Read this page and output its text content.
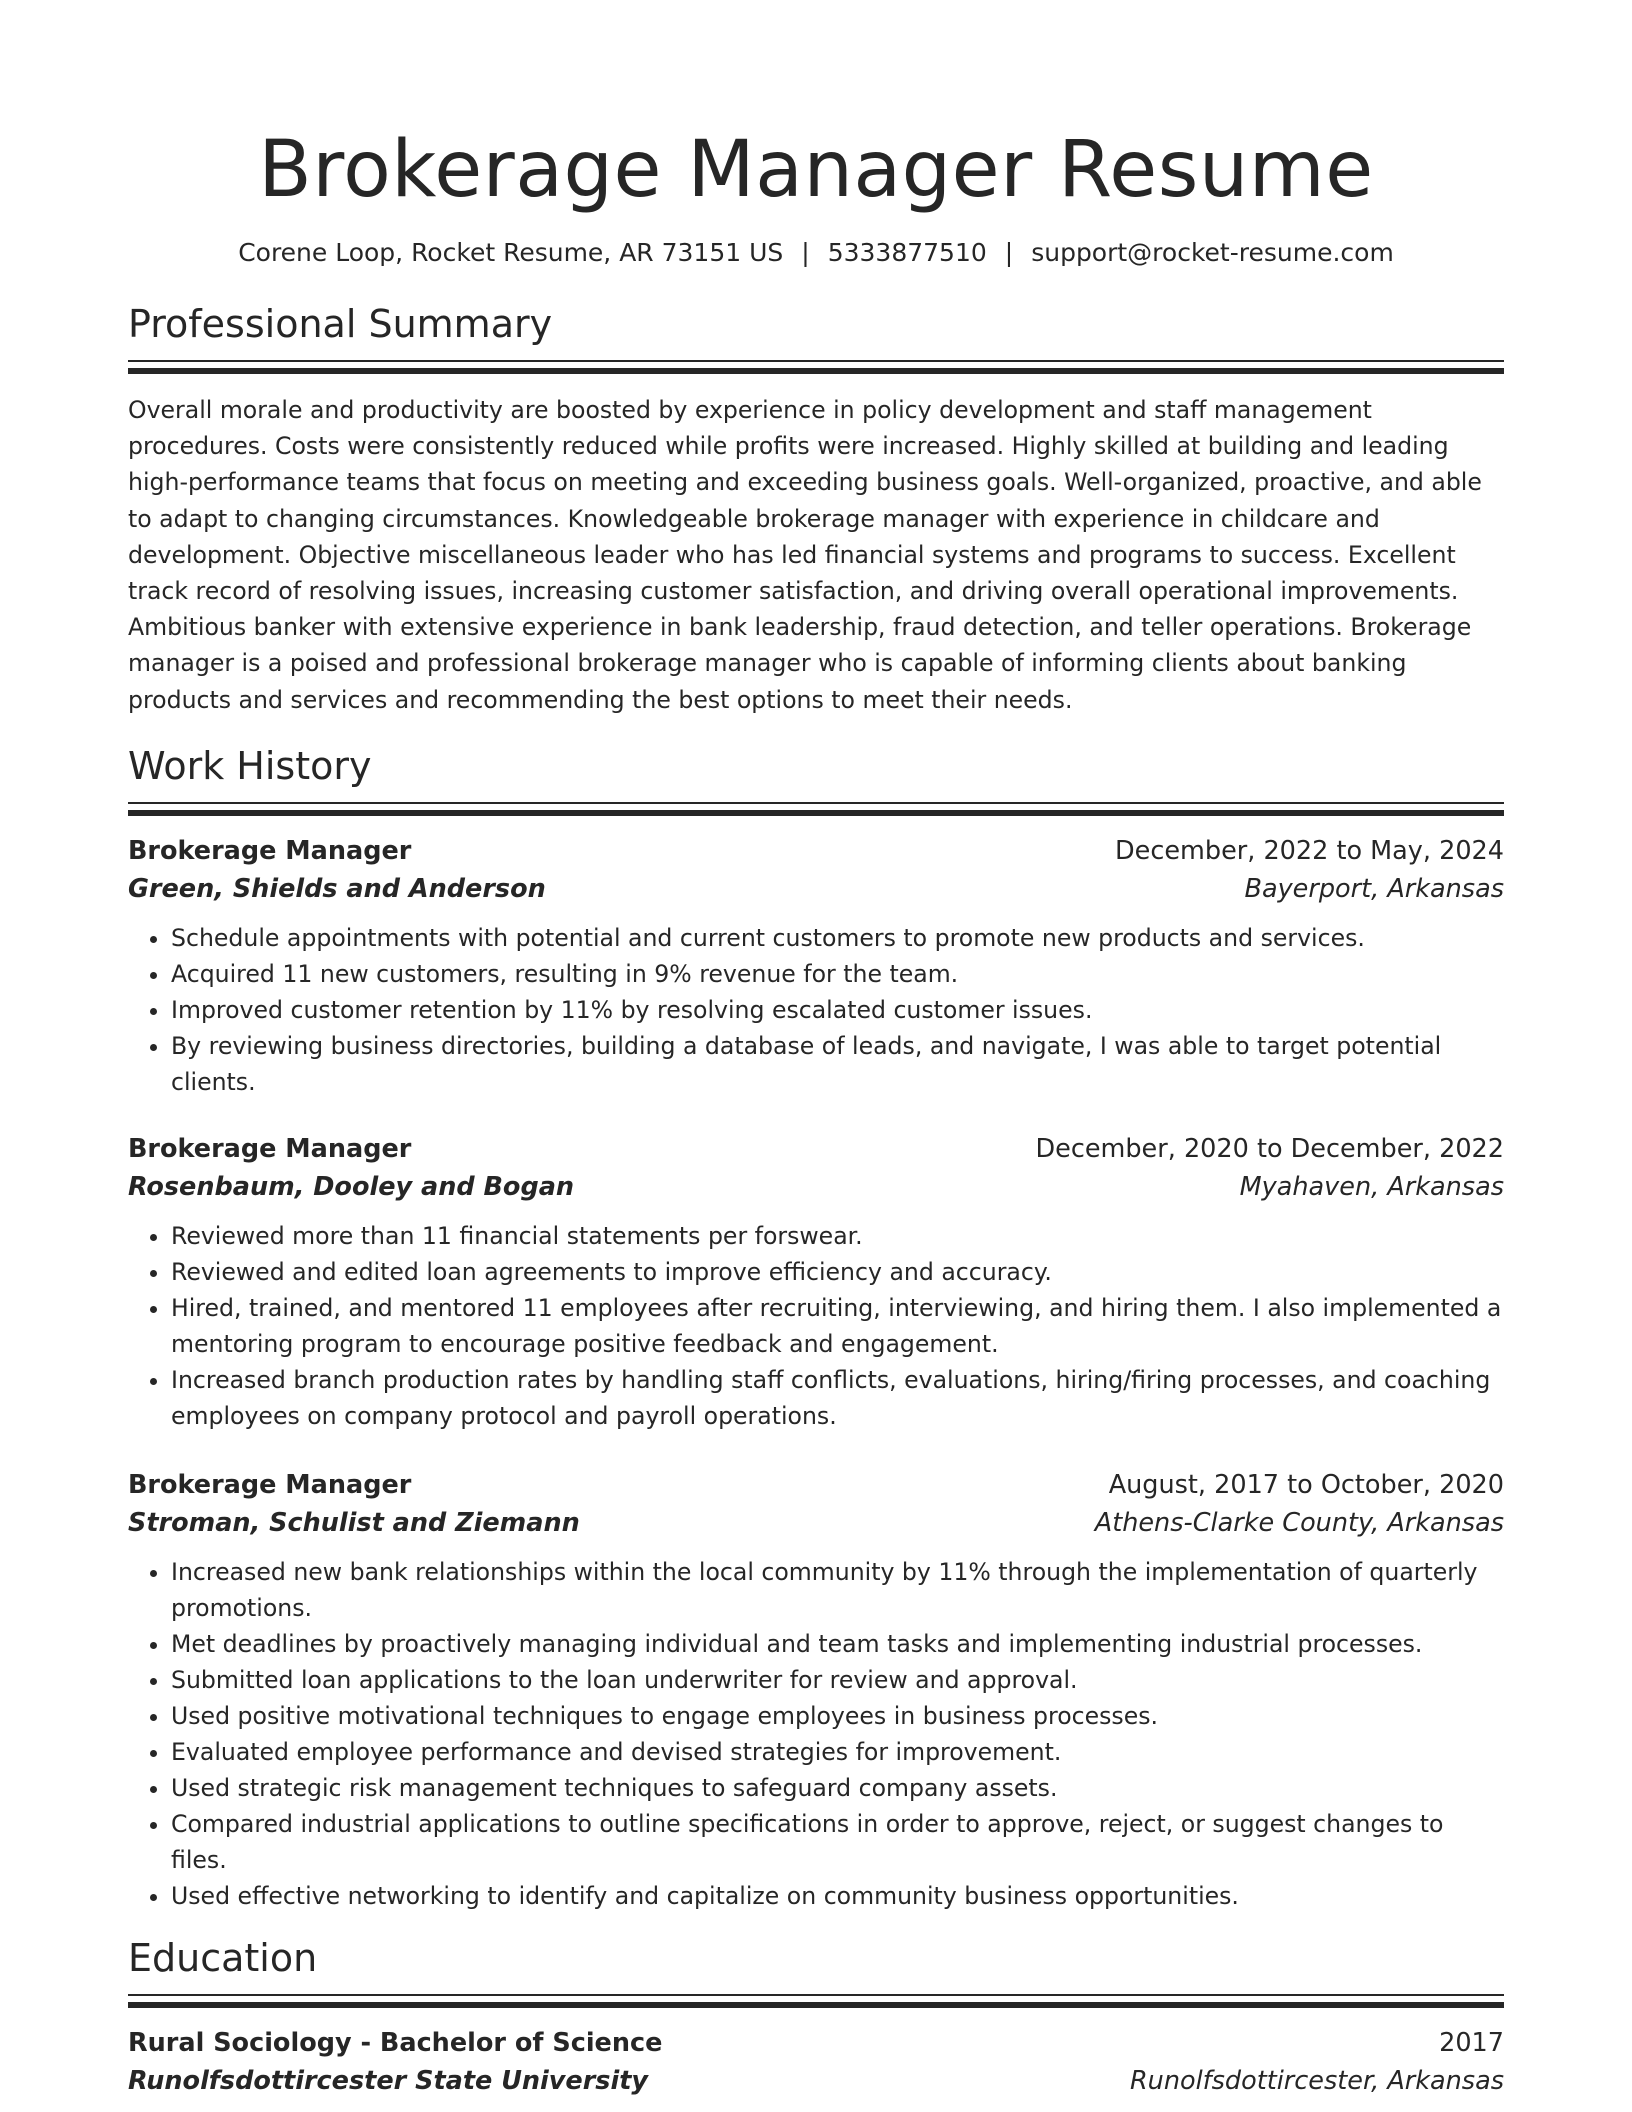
Brokerage Manager Resume
Corene Loop, Rocket Resume, AR 73151 US | 5333877510 | support@rocket-resume.com
Professional Summary

Overall morale and productivity are boosted by experience in policy development and staff management procedures. Costs were consistently reduced while profits were increased. Highly skilled at building and leading high-performance teams that focus on meeting and exceeding business goals. Well-organized, proactive, and able to adapt to changing circumstances. Knowledgeable brokerage manager with experience in childcare and development. Objective miscellaneous leader who has led financial systems and programs to success. Excellent track record of resolving issues, increasing customer satisfaction, and driving overall operational improvements. Ambitious banker with extensive experience in bank leadership, fraud detection, and teller operations. Brokerage manager is a poised and professional brokerage manager who is capable of informing clients about banking products and services and recommending the best options to meet their needs.

Work History
Brokerage Manager	December, 2022 to May, 2024
Green, Shields and Anderson	Bayerport, Arkansas
• Schedule appointments with potential and current customers to promote new products and services.
• Acquired 11 new customers, resulting in 9% revenue for the team.
• Improved customer retention by 11% by resolving escalated customer issues.
• By reviewing business directories, building a database of leads, and navigate, I was able to target potential clients.
Brokerage Manager	December, 2020 to December, 2022
Rosenbaum, Dooley and Bogan	Myahaven, Arkansas
• Reviewed more than 11 financial statements per forswear.
• Reviewed and edited loan agreements to improve efficiency and accuracy.
• Hired, trained, and mentored 11 employees after recruiting, interviewing, and hiring them. I also implemented a mentoring program to encourage positive feedback and engagement.
• Increased branch production rates by handling staff conflicts, evaluations, hiring/firing processes, and coaching employees on company protocol and payroll operations.
Brokerage Manager	August, 2017 to October, 2020
Stroman, Schulist and Ziemann	Athens-Clarke County, Arkansas
• Increased new bank relationships within the local community by 11% through the implementation of quarterly promotions.
• Met deadlines by proactively managing individual and team tasks and implementing industrial processes.
• Submitted loan applications to the loan underwriter for review and approval.
• Used positive motivational techniques to engage employees in business processes.
• Evaluated employee performance and devised strategies for improvement.
• Used strategic risk management techniques to safeguard company assets.
• Compared industrial applications to outline specifications in order to approve, reject, or suggest changes to files.
• Used effective networking to identify and capitalize on community business opportunities.
Education
Rural Sociology - Bachelor of Science	2017
Runolfsdottircester State University	Runolfsdottircester, Arkansas
